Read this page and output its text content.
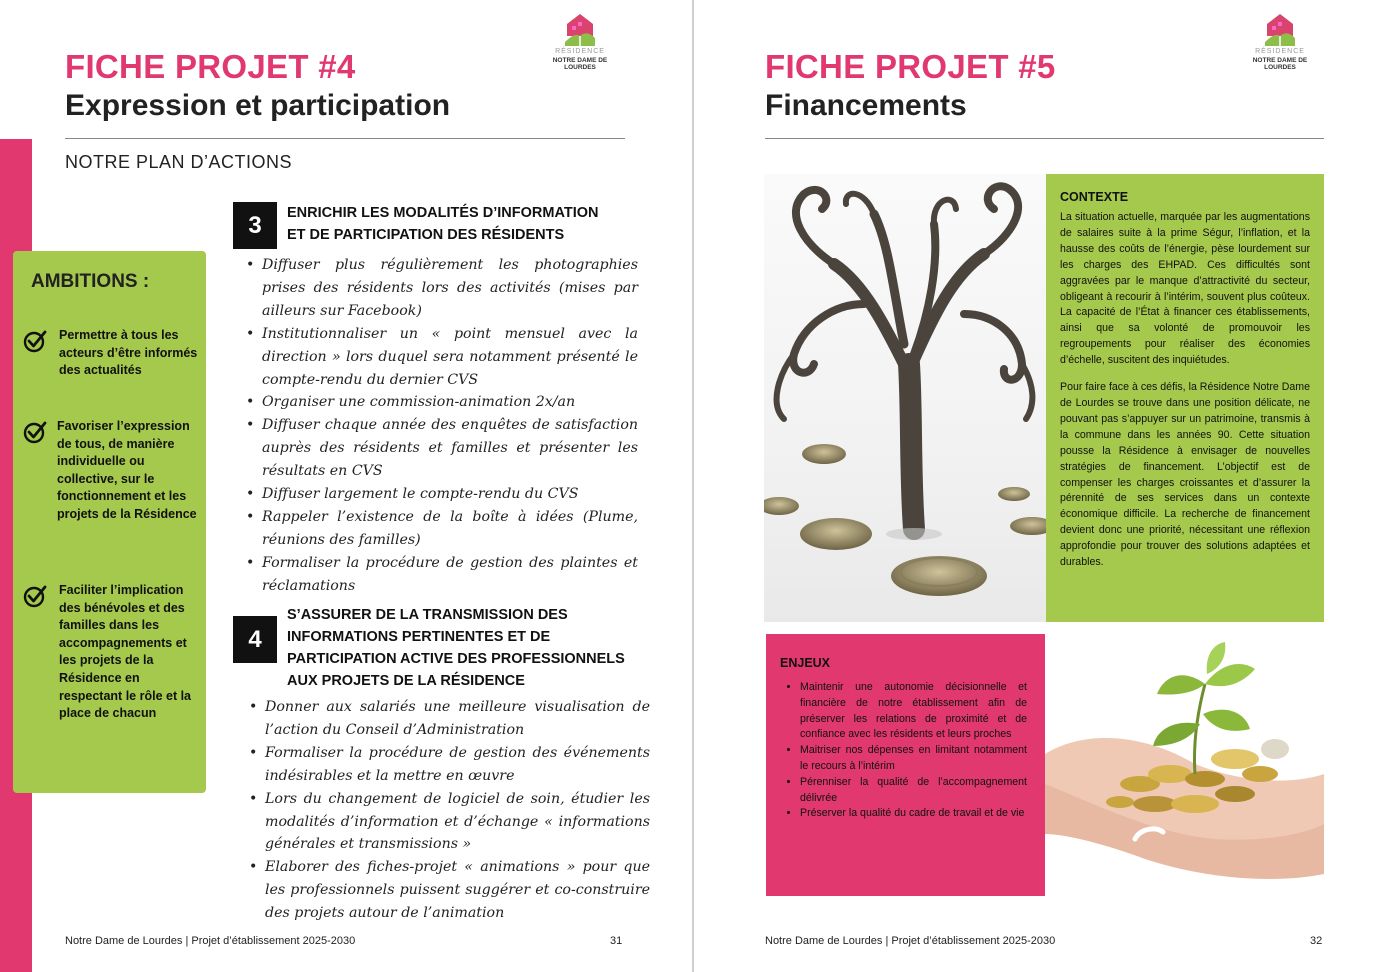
RÉSIDENCE
NOTRE DAME DE LOURDES
FICHE PROJET #4
Expression et participation
NOTRE PLAN D’ACTIONS
AMBITIONS :
Permettre à tous les acteurs d’être informés des actualités
Favoriser l’expression de tous, de manière individuelle ou collective, sur le fonctionnement et les projets de la Résidence
Faciliter l’implication des bénévoles et des familles dans les accompagnements et les projets de la Résidence en respectant le rôle et la place de chacun
3	ENRICHIR LES MODALITÉS D’INFORMATION
ET DE PARTICIPATION DES RÉSIDENTS
• Diffuser plus régulièrement les photographies prises des résidents lors des activités (mises par ailleurs sur Facebook)
• Institutionnaliser un « point mensuel avec la direction » lors duquel sera notamment présenté le compte-rendu du dernier CVS
• Organiser une commission-animation 2x/an
• Diffuser chaque année des enquêtes de satisfaction auprès des résidents et familles et présenter les résultats en CVS
• Diffuser largement le compte-rendu du CVS
• Rappeler l’existence de la boîte à idées (Plume, réunions des familles)
• Formaliser la procédure de gestion des plaintes et réclamations
4
S’ASSURER DE LA TRANSMISSION DES
INFORMATIONS PERTINENTES ET DE
PARTICIPATION ACTIVE DES PROFESSIONNELS
AUX PROJETS DE LA RÉSIDENCE
• Donner aux salariés une meilleure visualisation de l’action du Conseil d’Administration
• Formaliser la procédure de gestion des événements indésirables et la mettre en œuvre
• Lors du changement de logiciel de soin, étudier les modalités d’information et d’échange « informations générales et transmissions »
• Elaborer des fiches-projet « animations » pour que les professionnels puissent suggérer et co-construire des projets autour de l’animation
Notre Dame de Lourdes | Projet d’établissement 2025-2030	31
RÉSIDENCE
NOTRE DAME DE LOURDES
FICHE PROJET #5
Financements
CONTEXTE

La situation actuelle, marquée par les augmentations de salaires suite à la prime Ségur, l’inflation, et la hausse des coûts de l’énergie, pèse lourdement sur les charges des EHPAD. Ces difficultés sont aggravées par le manque d’attractivité du secteur, obligeant à recourir à l’intérim, souvent plus coûteux. La capacité de l’État à financer ces établissements, ainsi que sa volonté de promouvoir les regroupements pour réaliser des économies d’échelle, suscitent des inquiétudes.

Pour faire face à ces défis, la Résidence Notre Dame de Lourdes se trouve dans une position délicate, ne pouvant pas s’appuyer sur un patrimoine, transmis à la commune dans les années 90. Cette situation pousse la Résidence à envisager de nouvelles stratégies de financement. L’objectif est de compenser les charges croissantes et d’assurer la pérennité de ses services dans un contexte économique difficile. La recherche de financement devient donc une priorité, nécessitant une réflexion approfondie pour trouver des solutions adaptées et durables.

ENJEUX
• Maintenir une autonomie décisionnelle et financière de notre établissement afin de préserver les relations de proximité et de confiance avec les résidents et leurs proches
• Maitriser nos dépenses en limitant notamment le recours à l’intérim
• Pérenniser la qualité de l’accompagnement délivrée
• Préserver la qualité du cadre de travail et de vie
Notre Dame de Lourdes | Projet d’établissement 2025-2030	32
